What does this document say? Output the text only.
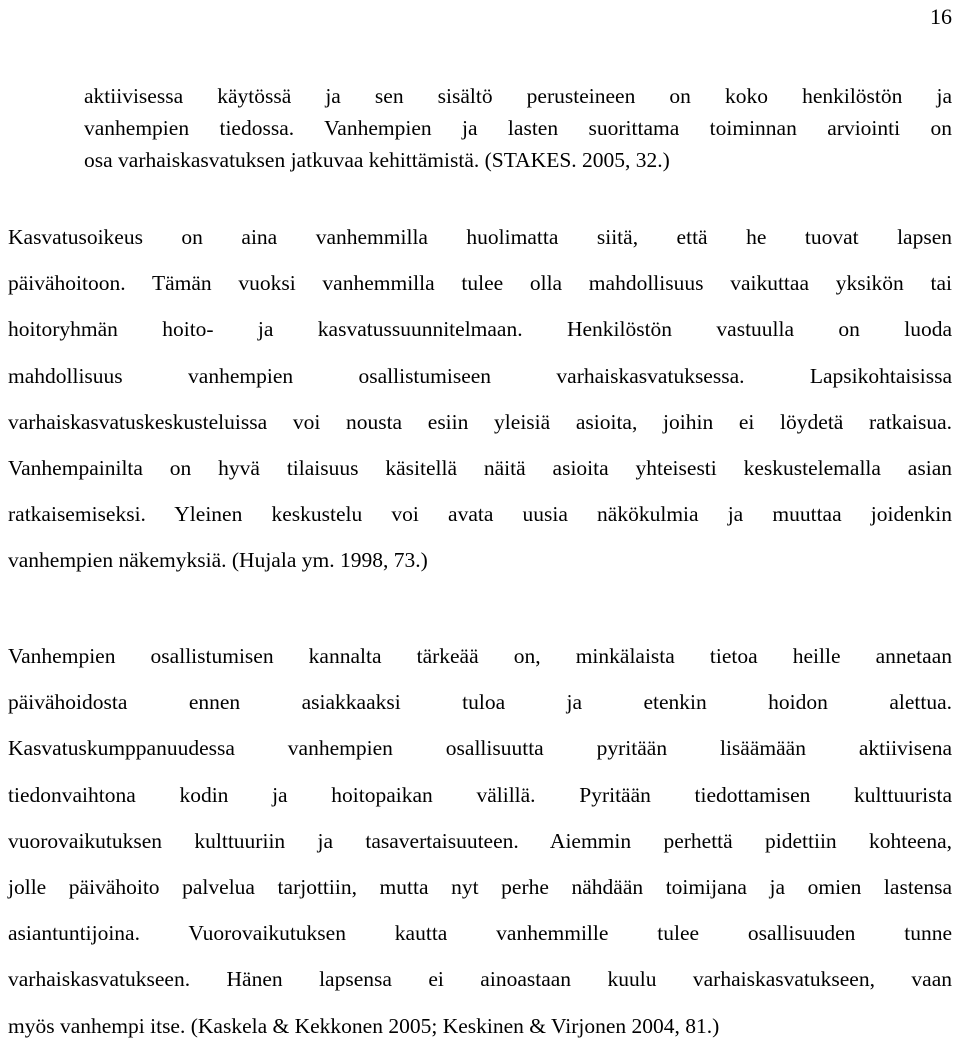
16

aktiivisessa käytössä ja sen sisältö perusteineen on koko henkilöstön ja
vanhempien tiedossa. Vanhempien ja lasten suorittama toiminnan arviointi on
osa varhaiskasvatuksen jatkuvaa kehittämistä. (STAKES. 2005, 32.)

Kasvatusoikeus on aina vanhemmilla huolimatta siitä, että he tuovat lapsen
päivähoitoon. Tämän vuoksi vanhemmilla tulee olla mahdollisuus vaikuttaa yksikön tai
hoitoryhmän hoito- ja kasvatussuunnitelmaan. Henkilöstön vastuulla on luoda
mahdollisuus vanhempien osallistumiseen varhaiskasvatuksessa. Lapsikohtaisissa
varhaiskasvatuskeskusteluissa voi nousta esiin yleisiä asioita, joihin ei löydetä ratkaisua.
Vanhempainilta on hyvä tilaisuus käsitellä näitä asioita yhteisesti keskustelemalla asian
ratkaisemiseksi. Yleinen keskustelu voi avata uusia näkökulmia ja muuttaa joidenkin
vanhempien näkemyksiä. (Hujala ym. 1998, 73.)

Vanhempien osallistumisen kannalta tärkeää on, minkälaista tietoa heille annetaan
päivähoidosta ennen asiakkaaksi tuloa ja etenkin hoidon alettua.
Kasvatuskumppanuudessa vanhempien osallisuutta pyritään lisäämään aktiivisena
tiedonvaihtona kodin ja hoitopaikan välillä. Pyritään tiedottamisen kulttuurista
vuorovaikutuksen kulttuuriin ja tasavertaisuuteen. Aiemmin perhettä pidettiin kohteena,
jolle päivähoito palvelua tarjottiin, mutta nyt perhe nähdään toimijana ja omien lastensa
asiantuntijoina. Vuorovaikutuksen kautta vanhemmille tulee osallisuuden tunne
varhaiskasvatukseen. Hänen lapsensa ei ainoastaan kuulu varhaiskasvatukseen, vaan
myös vanhempi itse. (Kaskela & Kekkonen 2005; Keskinen & Virjonen 2004, 81.)
